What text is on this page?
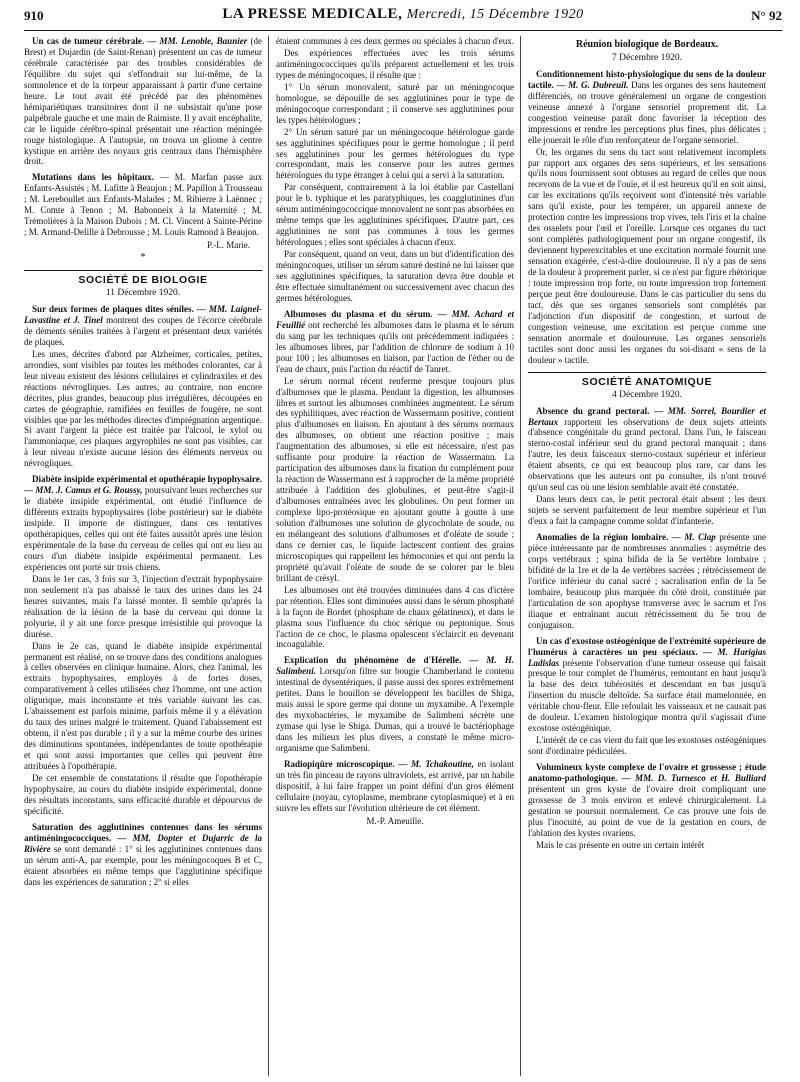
910	LA PRESSE MEDICALE, Mercredi, 15 Décembre 1920	N° 92

Un cas de tumeur cérébrale. — MM. Lenoble, Baunier (de Brest) et Dujardin (de Saint-Renan) présentent un cas de tumeur cérébrale caractérisée par des troubles considérables de l'équilibre du sujet qui s'effondrait sur lui-même, de la somnolence et de la torpeur apparaissant à partir d'une certaine heure. Le tout avait été précédé par des phénomènes hémipariétiques transitoires dont il ne subsistait qu'une pose palpébrale gauche et une main de Raimiste. Il y avait encéphalite, car le liquide cérébro-spinal présentait une réaction méningée rouge histologique. A l'autopsie, on trouva un gliome à centre kystique en arrière des noyaux gris centraux dans l'hémisphère droit.

Mutations dans les hôpitaux. — M. Marfan passe aux Enfants-Assistés ; M. Lafitte à Beaujon ; M. Papillon à Trousseau ; M. Lereboullet aux Enfants-Malades ; M. Ribierre à Laënnec ; M. Comte à Tenon ; M. Babonneix à la Maternité ; M. Trémolières à la Maison Dubois ; M. Cl. Vincent à Sainte-Périne ; M. Armand-Delille à Debrousse ; M. Louis Ramond à Beaujon.

P.-L. Marie.
*
SOCIÉTÉ DE BIOLOGIE
11 Décembre 1920.

Sur deux formes de plaques dites séniles. — MM. Laignel-Lavastine et J. Tinel montrent des coupes de l'écorce cérébrale de déments séniles traitées à l'argent et présentant deux variétés de plaques.

Les unes, décrites d'abord par Alzheimer, corticales, petites, arrondies, sont visibles par toutes les méthodes colorantes, car à leur niveau existent des lésions cellulaires et cylindraxiles et des réactions névrogliques. Les autres, au contraire, non encore décrites, plus grandes, beaucoup plus irrégulières, découpées en cartes de géographie, ramifiées en feuilles de fougère, ne sont visibles que par les méthodes directes d'imprégnation argentique. Si avant l'argent la pièce est traitée par l'alcool, le xylol ou l'ammoniaque, ces plaques argyrophiles ne sont pas visibles, car à leur niveau n'existe aucune lésion des éléments nerveux ou névrogliques.

Diabète insipide expérimental et opothérapie hypophysaire. — MM. J. Camus et G. Roussy, poursuivant leurs recherches sur le diabète insipide expérimental, ont étudié l'influence de différents extraits hypophysaires (lobe postérieur) sur le diabète insipide. Il importe de distinguer, dans ces tentatives opothérapiques, celles qui ont été faites aussitôt après une lésion expérimentale de la base du cerveau de celles qui ont eu lieu au cours d'un diabète insipide expérimental permanent. Les expériences ont porté sur trois chiens.

Dans le 1er cas, 3 fois sur 3, l'injection d'extrait hypophysaire non seulement n'a pas abaissé le taux des urines dans les 24 heures suivantes, mais l'a laissé monter. Il semble qu'après la réalisation de la lésion de la base du cerveau qui donne la polyurie, il y ait une force presque irrésistible qui provoque la diurèse.

Dans le 2e cas, quand le diabète insipide expérimental permanent est réalisé, on se trouve dans des conditions analogues à celles observées en clinique humaine. Alors, chez l'animal, les extraits hypophysaires, employés à de fortes doses, comparativement à celles utilisées chez l'homme, ont une action oligurique, mais inconstante et très variable suivant les cas. L'abaissement est parfois minime, parfois même il y a élévation du taux des urines malgré le traitement. Quand l'abaissement est obtenu, il n'est pas durable ; il y a sur la même courbe des urines des diminutions spontanées, indépendantes de toute opothérapie et qui sont aussi importantes que celles qui peuvent être attribuées à l'opothérapie.

De cet ensemble de constatations il résulte que l'opothérapie hypophysaire, au cours du diabète insipide expérimental, donne des résultats inconstants, sans efficacité durable et dépourvus de spécificité.

Saturation des agglutinines contenues dans les sérums antiméningococciques. — MM. Dopter et Dujarric de la Rivière se sont demandé : 1° si les agglutinines contenues dans un sérum anti-A, par exemple, pour les méningocoques B et C, étaient absorbées en même temps que l'agglutinine spécifique dans les expériences de saturation ; 2° si elles

étaient communes à ces deux germes ou spéciales à chacun d'eux.

Des expériences effectuées avec les trois sérums antiméningococciques qu'ils préparent actuellement et les trois types de méningocoques, il résulte que :

1° Un sérum monovalent, saturé par un méningocoque homologue, se dépouille de ses agglutinines pour le type de méningocoque correspondant ; il conserve ses agglutinines pour les types hétérologues ;

2° Un sérum saturé par un méningocoque hétérologue garde ses agglutinines spécifiques pour le germe homologue ; il perd ses agglutinines pour les germes hétérologues du type correspondant, mais les conserve pour les autres germes hétérologues du type étranger à celui qui a servi à la saturation.

Par conséquent, contrairement à la loi établie par Castellani pour le b. typhique et les paratyphiques, les coagglutinines d'un sérum antiméningococcique monovalent ne sont pas absorbées en même temps que les agglutinines spécifiques. D'autre part, ces agglutinines ne sont pas communes à tous les germes hétérologues ; elles sont spéciales à chacun d'eux.

Par conséquent, quand on veut, dans un but d'identification des méningocoques, utiliser un sérum saturé destiné ne lui laisser que ses agglutinines spécifiques, la saturation devra être double et être effectuée simultanément ou successivement avec chacun des germes hétérologues.

Albumoses du plasma et du sérum. — MM. Achard et Feuillié ont recherché les albumoses dans le plasma et le sérum du sang par les techniques qu'ils ont précédemment indiquées : les albumoses libres, par l'addition de chlorure de sodium à 10 pour 100 ; les albumoses en liaison, par l'action de l'éther ou de l'eau de chaux, puis l'action du réactif de Tanret.

Le sérum normal récent renferme presque toujours plus d'albumoses que le plasma. Pendant la digestion, les albumoses libres et surtout les albumoses combinées augmentent. Le sérum des syphilitiques, avec réaction de Wassermann positive, contient plus d'albumoses en liaison. En ajoutant à des sérums normaux des albumoses, on obtient une réaction positive ; mais l'augmentation des albumoses, si elle est nécessaire, n'est pas suffisante pour produire la réaction de Wassermann. La participation des albumoses dans la fixation du complément pour la réaction de Wassermann est à rapprocher de la même propriété attribuée à l'addition des globulines, et peut-être s'agit-il d'albumoses entraînées avec les globulines. On peut former un complexe lipo-protéosique en ajoutant goutte à goutte à une solution d'albumoses une solution de glycocholate de soude, ou en mélangeant des solutions d'albumoses et d'oléate de soude ; dans ce dernier cas, le liquide lactescent contient des grains microscopiques qui rappellent les hémoconies et qui ont perdu la propriété qu'avait l'oléate de soude de se colorer par le bleu brillant de crésyl.

Les albumoses ont été trouvées diminuées dans 4 cas d'ictère par rétention. Elles sont diminuées aussi dans le sérum phosphaté à la façon de Bordet (phosphate de chaux gélatineux), et dans le plasma sous l'influence du choc sérique ou peptonique. Sous l'action de ce choc, le plasma opalescent s'éclaircit en devenant incoagulable.

Explication du phénomène de d'Hérelle. — M. H. Salimbeni. Lorsqu'on filtre sur bougie Chamberland le contenu intestinal de dysentériques, il passe aussi des spores extrêmement petites. Dans le bouillon se développent les bacilles de Shiga, mais aussi le spore germe qui donne un myxamibe. A l'exemple des myxobactéries, le myxamibe de Salimbeni sécrète une zymase qui lyse le Shiga. Dumas, qui a trouvé le bactériophage dans les milieux les plus divers, a constaté le même micro-organisme que Salimbeni.

Radiopiqûre microscopique. — M. Tchakoutine, en isolant un très fin pinceau de rayons ultraviolets, est arrivé, par un habile dispositif, à lui faire frapper un point défini d'un gros élément cellulaire (noyau, cytoplasme, membrane cytoplasmique) et à en suivre les effets sur l'évolution ultérieure de cet élément.

M.-P. Ameuille.
Réunion biologique de Bordeaux.
7 Décembre 1920.

Conditionnement histo-physiologique du sens de la douleur tactile. — M. G. Dubreuil. Dans les organes des sens hautement différenciés, on trouve généralement un organe de congestion veineuse annexé à l'organe sensoriel proprement dit. La congestion veineuse paraît donc favoriser la réception des impressions et rendre les perceptions plus fines, plus délicates ; elle jouerait le rôle d'un renforçateur de l'organe sensoriel.

Or, les organes du sens du tact sont relativement incomplets par rapport aux organes des sens supérieurs, et les sensations qu'ils nous fournissent sont obtuses au regard de celles que nous recevons de la vue et de l'ouïe, et il est heureux qu'il en soit ainsi, car les excitations qu'ils reçoivent sont d'intensité très variable sans qu'il existe, pour les tempérer, un appareil annexe de protection contre les impressions trop vives, tels l'iris et la chaîne des osselets pour l'œil et l'oreille. Lorsque ces organes du tact sont complétés pathologiquement pour un organe congestif, ils deviennent hyperexcitables et une excitation normale fournit une sensation exagérée, c'est-à-dire douloureuse. Il n'y a pas de sens de la douleur à proprement parler, si ce n'est par figure rhétorique : toute impression trop forte, ou toute impression trop fortement perçue peut être douloureuse. Dans le cas particulier du sens du tact, dès que ses organes sensoriels sont complétés par l'adjonction d'un dispositif de congestion, et surtout de congestion veineuse, une excitation est perçue comme une sensation anormale et douloureuse. Les organes sensoriels tactiles sont donc aussi les organes du soi-disant « sens de la douleur » tactile.

SOCIÉTÉ ANATOMIQUE
4 Décembre 1920.

Absence du grand pectoral. — MM. Sorrel, Bourdier et Bertaux rapportent les observations de deux sujets atteints d'absence congénitale du grand pectoral. Dans l'un, le faisceau sterno-costal inférieur seul du grand pectoral manquait ; dans l'autre, les deux faisceaux sterno-costaux supérieur et inférieur étaient absents, ce qui est beaucoup plus rare, car dans les observations que les auteurs ont pu consulter, ils n'ont trouvé qu'un seul cas où une lésion semblable avait été constatée.

Dans leurs deux cas, le petit pectoral était absent ; les deux sujets se servent parfaitement de leur membre supérieur et l'un d'eux a fait la campagne comme soldat d'infanterie.

Anomalies de la région lombaire. — M. Clap présente une pièce intéressante par de nombreuses anomalies : asymétrie des corps vertébraux ; spina bifida de la 5e vertèbre lombaire ; bifidité de la 1re et de la 4e vertèbres sacrées ; rétrécissement de l'orifice inférieur du canal sacré ; sacralisation enfin de la 5e lombaire, beaucoup plus marquée du côté droit, constituée par l'articulation de son apophyse transverse avec le sacrum et l'os iliaque et entraînant aucun rétrécissement du 5e trou de conjugaison.

Un cas d'exostose ostéogénique de l'extrémité supérieure de l'humérus à caractères un peu spéciaux. — M. Harigias Ladislas présente l'observation d'une tumeur osseuse qui faisait presque le tour complet de l'humérus, remontant en haut jusqu'à la base des deux tubérosités et descendant en bas jusqu'à l'insertion du muscle deltoïde. Sa surface était mamelonnée, en véritable chou-fleur. Elle refoulait les vaisseaux et ne causait pas de douleur. L'examen histologique montra qu'il s'agissait d'une exostose ostéogénique.

L'intérêt de ce cas vient du fait que les exostoses ostéogéniques sont d'ordinaire pédiculées.

Volumineux kyste complexe de l'ovaire et grossesse ; étude anatomo-pathologique. — MM. D. Turnesco et H. Bulliard présentent un gros kyste de l'ovaire droit compliquant une grossesse de 3 mois environ et enlevé chirurgicalement. La gestation se poursuit normalement. Ce cas prouve une fois de plus l'inocuité, au point de vue de la gestation en cours, de l'ablation des kystes ovariens.

Mais le cas présente en outre un certain intérêt
